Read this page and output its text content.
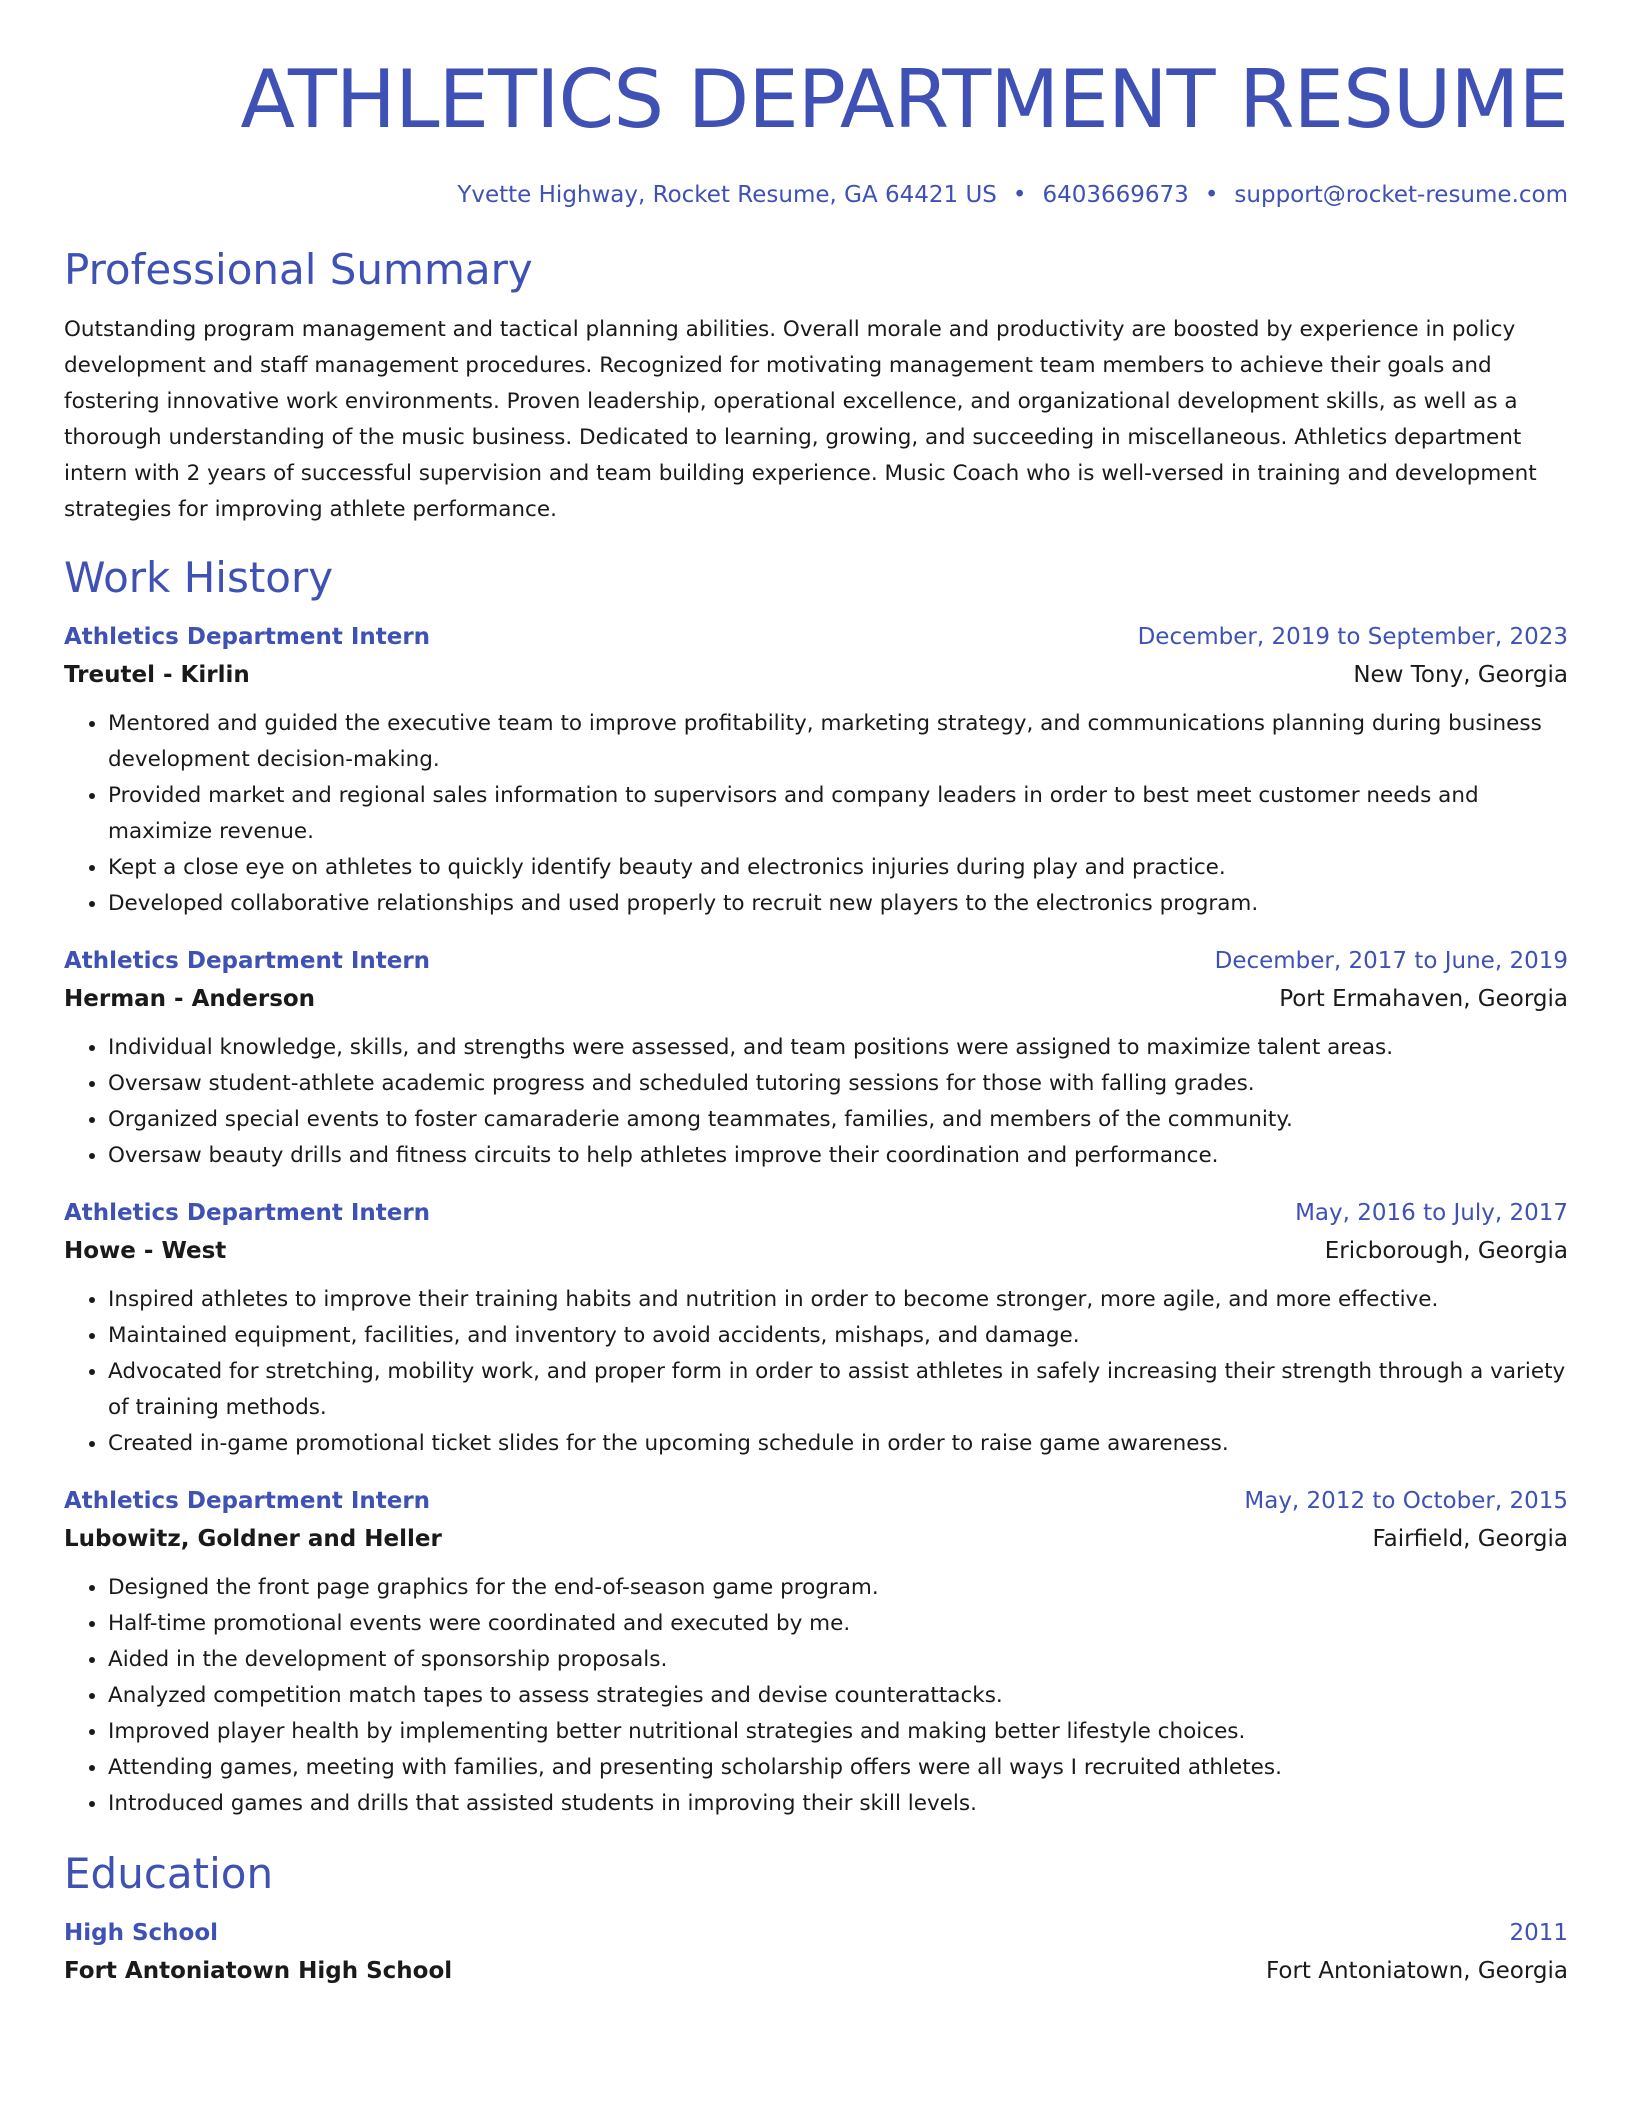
ATHLETICS DEPARTMENT RESUME
Yvette Highway, Rocket Resume, GA 64421 US • 6403669673 • support@rocket-resume.com
Professional Summary
Outstanding program management and tactical planning abilities. Overall morale and productivity are boosted by experience in policy development and staff management procedures. Recognized for motivating management team members to achieve their goals and fostering innovative work environments. Proven leadership, operational excellence, and organizational development skills, as well as a thorough understanding of the music business. Dedicated to learning, growing, and succeeding in miscellaneous. Athletics department intern with 2 years of successful supervision and team building experience. Music Coach who is well-versed in training and development strategies for improving athlete performance.
Work History
Athletics Department Intern	December, 2019 to September, 2023
Treutel - Kirlin	New Tony, Georgia
• Mentored and guided the executive team to improve profitability, marketing strategy, and communications planning during business development decision-making.
• Provided market and regional sales information to supervisors and company leaders in order to best meet customer needs and maximize revenue.
• Kept a close eye on athletes to quickly identify beauty and electronics injuries during play and practice.
• Developed collaborative relationships and used properly to recruit new players to the electronics program.
Athletics Department Intern	December, 2017 to June, 2019
Herman - Anderson	Port Ermahaven, Georgia
• Individual knowledge, skills, and strengths were assessed, and team positions were assigned to maximize talent areas.
• Oversaw student-athlete academic progress and scheduled tutoring sessions for those with falling grades.
• Organized special events to foster camaraderie among teammates, families, and members of the community.
• Oversaw beauty drills and fitness circuits to help athletes improve their coordination and performance.
Athletics Department Intern	May, 2016 to July, 2017
Howe - West	Ericborough, Georgia
• Inspired athletes to improve their training habits and nutrition in order to become stronger, more agile, and more effective.
• Maintained equipment, facilities, and inventory to avoid accidents, mishaps, and damage.
• Advocated for stretching, mobility work, and proper form in order to assist athletes in safely increasing their strength through a variety of training methods.
• Created in-game promotional ticket slides for the upcoming schedule in order to raise game awareness.
Athletics Department Intern	May, 2012 to October, 2015
Lubowitz, Goldner and Heller	Fairfield, Georgia
• Designed the front page graphics for the end-of-season game program.
• Half-time promotional events were coordinated and executed by me.
• Aided in the development of sponsorship proposals.
• Analyzed competition match tapes to assess strategies and devise counterattacks.
• Improved player health by implementing better nutritional strategies and making better lifestyle choices.
• Attending games, meeting with families, and presenting scholarship offers were all ways I recruited athletes.
• Introduced games and drills that assisted students in improving their skill levels.
Education
High School	2011
Fort Antoniatown High School	Fort Antoniatown, Georgia
